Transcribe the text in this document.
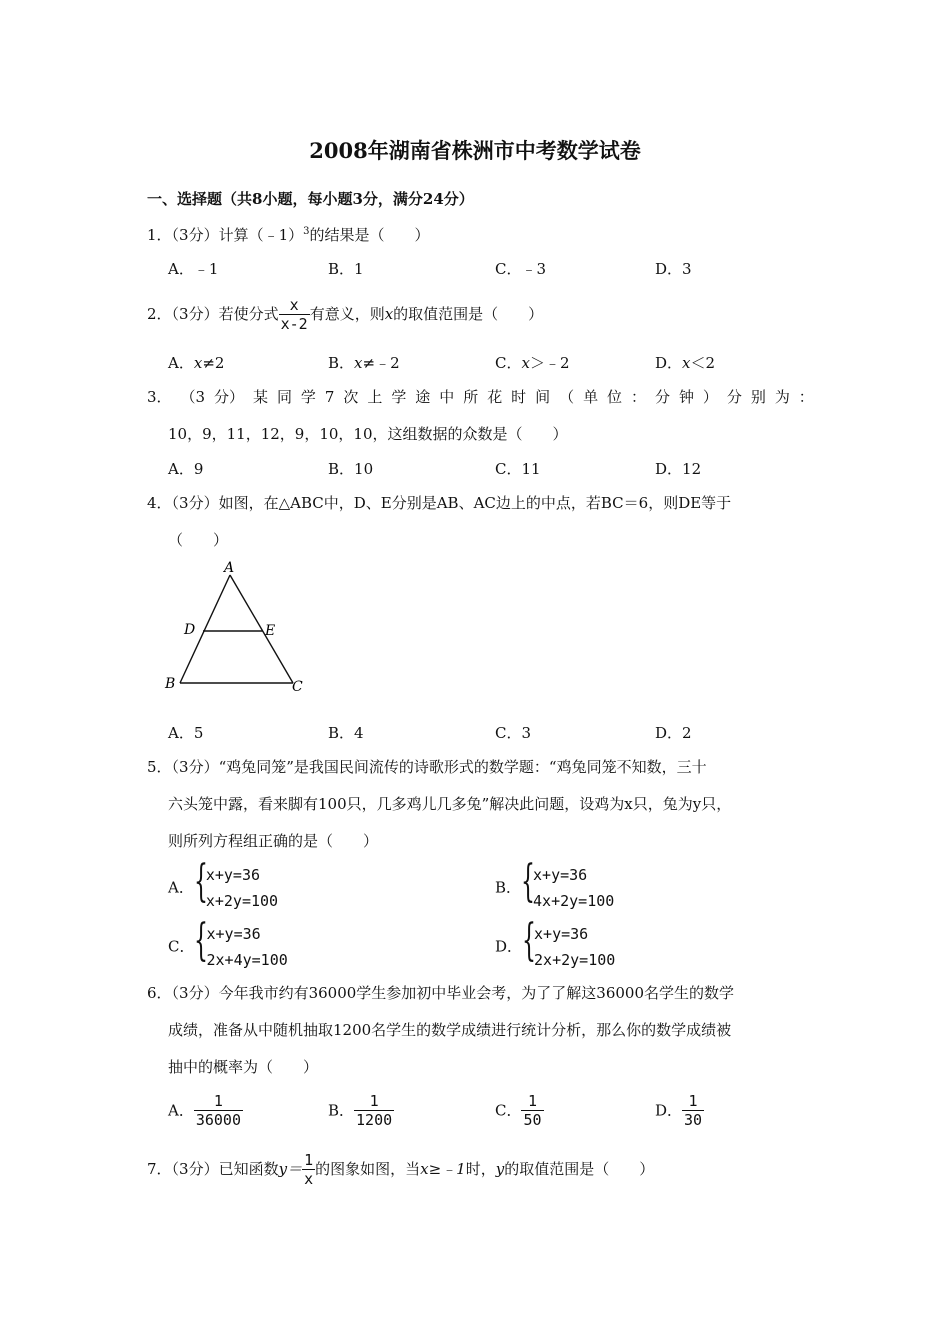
2008年湖南省株洲市中考数学试卷
一、选择题（共8小题，每小题3分，满分24分）
1．（3分）计算（﹣1）$^3$的结果是（　　）
A．﹣1	B．1	C．﹣3	D．3
2．（3分）若使分式 $\frac{x}{x-2}$ 有意义，则x的取值范围是（　　）
A．x≠2	B．x≠﹣2	C．x＞﹣2	D．x＜2
3． （3 分） 某 同 学 7 次 上 学 途 中 所 花 时 间 （ 单 位 ： 分 钟 ） 分 别 为 ：
10，9，11，12，9，10，10，这组数据的众数是（　　）
A．9	B．10	C．11	D．12
4．（3分）如图，在△ABC中，D、E分别是AB、AC边上的中点，若BC＝6，则DE等于
（　　）
A
D	E
B	C
A．5	B．4	C．3	D．2
5．（3分）“鸡兔同笼”是我国民间流传的诗歌形式的数学题：“鸡兔同笼不知数，三十
六头笼中露，看来脚有100只，几多鸡儿几多兔”解决此问题，设鸡为x只，兔为y只，
则所列方程组正确的是（　　）
A． {
x+y=36
x+2y=100
B． {
x+y=36
4x+2y=100
C． {
x+y=36
2x+4y=100
D． {
x+y=36
2x+2y=100
6．（3分）今年我市约有36000学生参加初中毕业会考，为了了解这36000名学生的数学
成绩，准备从中随机抽取1200名学生的数学成绩进行统计分析，那么你的数学成绩被
抽中的概率为（　　）
A． $\frac{1}{36000}$	B． $\frac{1}{1200}$	C． $\frac{1}{50}$	D． $\frac{1}{30}$
7．（3分）已知函数$y= \frac{1}{x}$ 的图象如图，当x≥﹣1时，y的取值范围是（　　）
